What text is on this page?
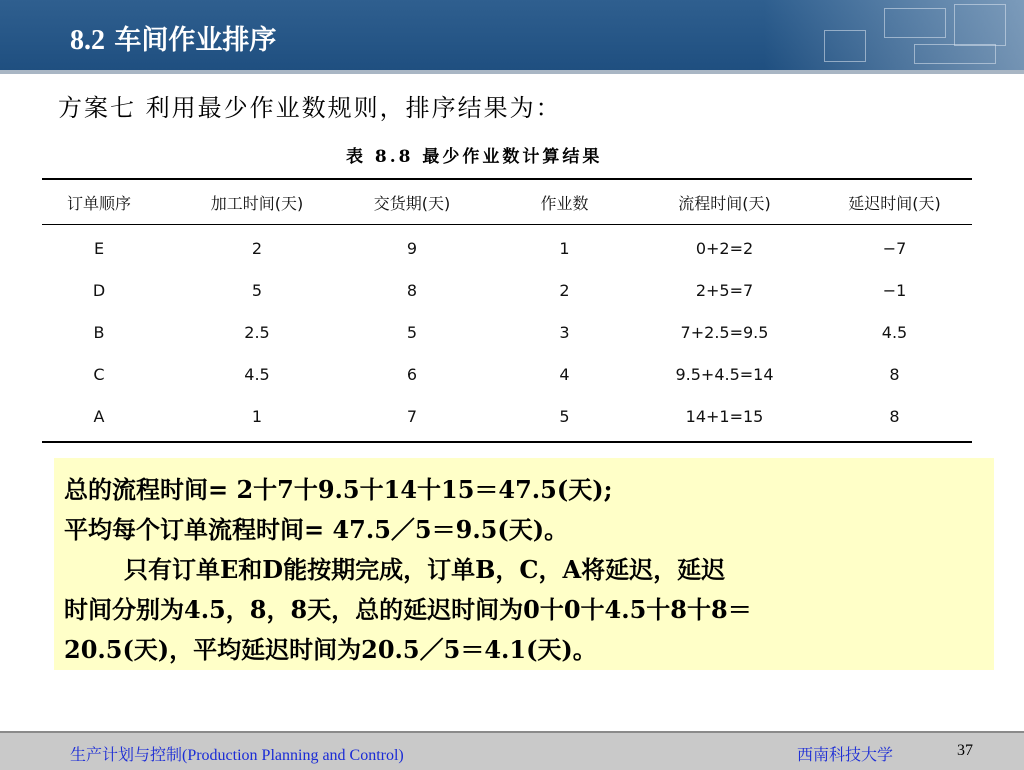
8.2 车间作业排序
方案七 利用最少作业数规则，排序结果为：
表 8.8 最少作业数计算结果
订单顺序	加工时间(天)	交货期(天)	作业数	流程时间(天)	延迟时间(天)
E	2	9	1	0+2=2	−7
D	5	8	2	2+5=7	−1
B	2.5	5	3	7+2.5=9.5	4.5
C	4.5	6	4	9.5+4.5=14	8
A	1	7	5	14+1=15	8

总的流程时间= 2十7十9.5十14十15＝47.5(天);

平均每个订单流程时间= 47.5／5＝9.5(天)。

只有订单E和D能按期完成，订单B，C，A将延迟，延迟

时间分别为4.5，8，8天，总的延迟时间为0十0十4.5十8十8＝

20.5(天)，平均延迟时间为20.5／5＝4.1(天)。

生产计划与控制(Production Planning and Control)	西南科技大学	37
